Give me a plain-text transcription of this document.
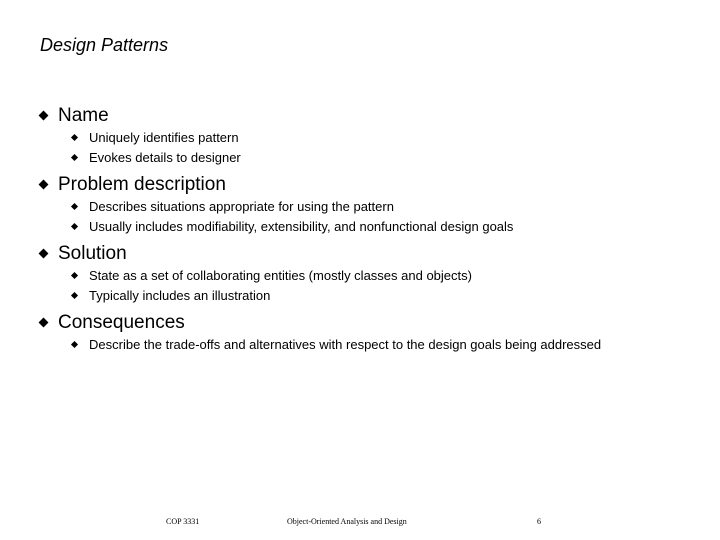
Design Patterns
Name
Uniquely identifies pattern
Evokes details to designer
Problem description
Describes situations appropriate for using the pattern
Usually includes modifiability, extensibility, and nonfunctional design goals
Solution
State as a set of collaborating entities (mostly classes and objects)
Typically includes an illustration
Consequences
Describe the trade-offs and alternatives with respect to the design goals being addressed
COP 3331	Object-Oriented Analysis and Design	6
